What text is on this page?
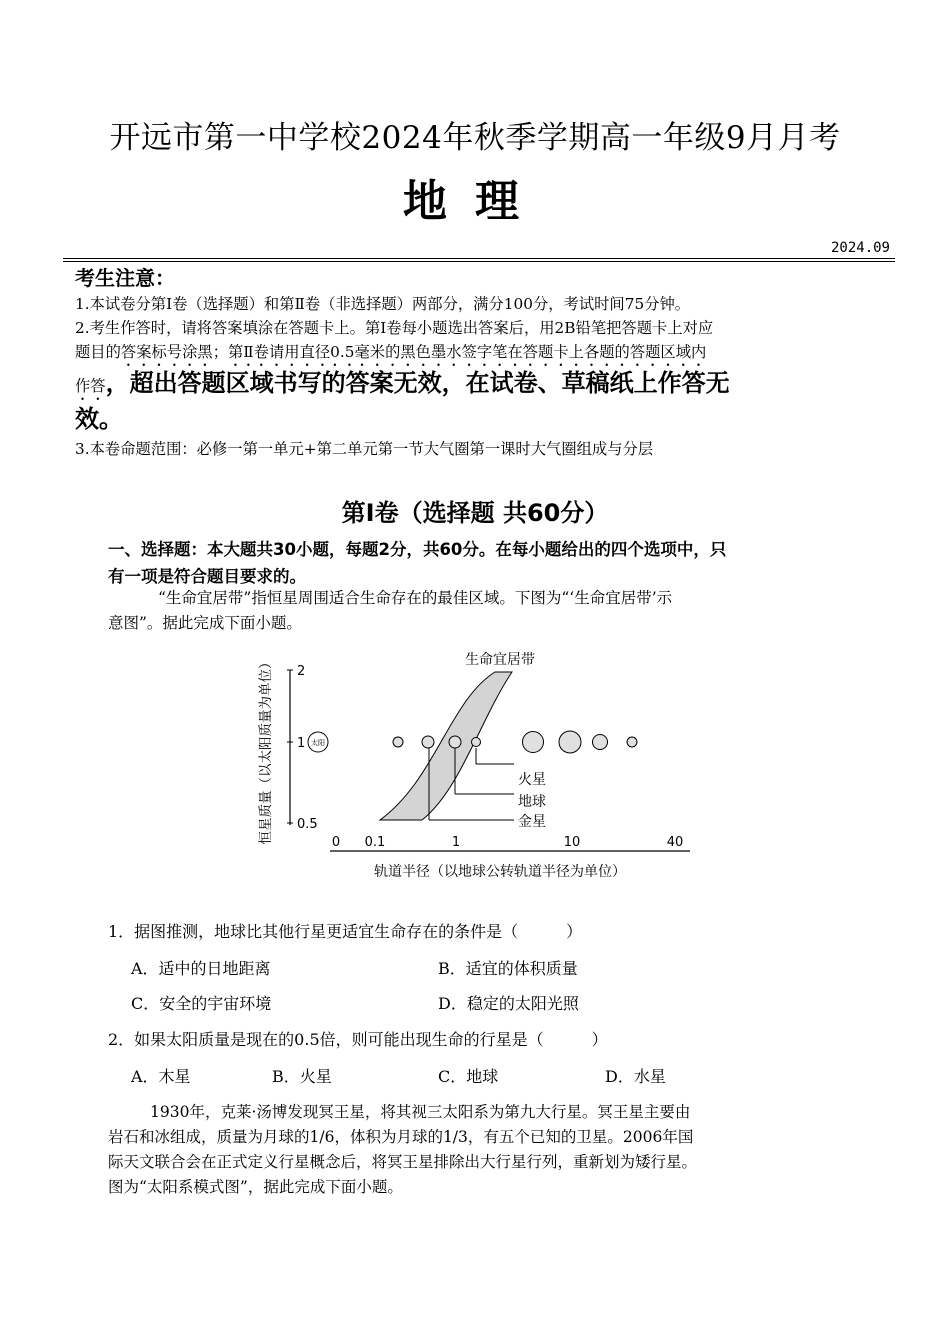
开远市第一中学校2024年秋季学期高一年级9月月考
地理
2024.09
考生注意：
1.本试卷分第Ⅰ卷（选择题）和第Ⅱ卷（非选择题）两部分，满分100分，考试时间75分钟。
2.考生作答时，请将答案填涂在答题卡上。第Ⅰ卷每小题选出答案后，用2B铅笔把答题卡上对应
题目的答案标号涂黑；第Ⅱ卷请用直径0.5毫米的黑色墨水签字笔在答题卡上各题的答题区域内
作答，超出答题区域书写的答案无效，在试卷、草稿纸上作答无
效。
3.本卷命题范围：必修一第一单元+第二单元第一节大气圈第一课时大气圈组成与分层
第Ⅰ卷（选择题 共60分）
一、选择题：本大题共30小题，每题2分，共60分。在每小题给出的四个选项中，只
有一项是符合题目要求的。
“生命宜居带”指恒星周围适合生命存在的最佳区域。下图为“‘生命宜居带’示
意图”。据此完成下面小题。
恒星质量（以太阳质量为单位） 2
1
0.5
生命宜居带
太阳
火星
地球
金星
0 0.1	1	10	40
轨道半径（以地球公转轨道半径为单位）
1．据图推测，地球比其他行星更适宜生命存在的条件是（　　　）
A．适中的日地距离	B．适宜的体积质量
C．安全的宇宙环境	D．稳定的太阳光照
2．如果太阳质量是现在的0.5倍，则可能出现生命的行星是（　　　）
A．木星	B．火星	C．地球	D．水星
1930年，克莱·汤博发现冥王星，将其视三太阳系为第九大行星。冥王星主要由
岩石和冰组成，质量为月球的1/6，体积为月球的1/3，有五个已知的卫星。2006年国
际天文联合会在正式定义行星概念后，将冥王星排除出大行星行列，重新划为矮行星。
图为“太阳系模式图”，据此完成下面小题。
